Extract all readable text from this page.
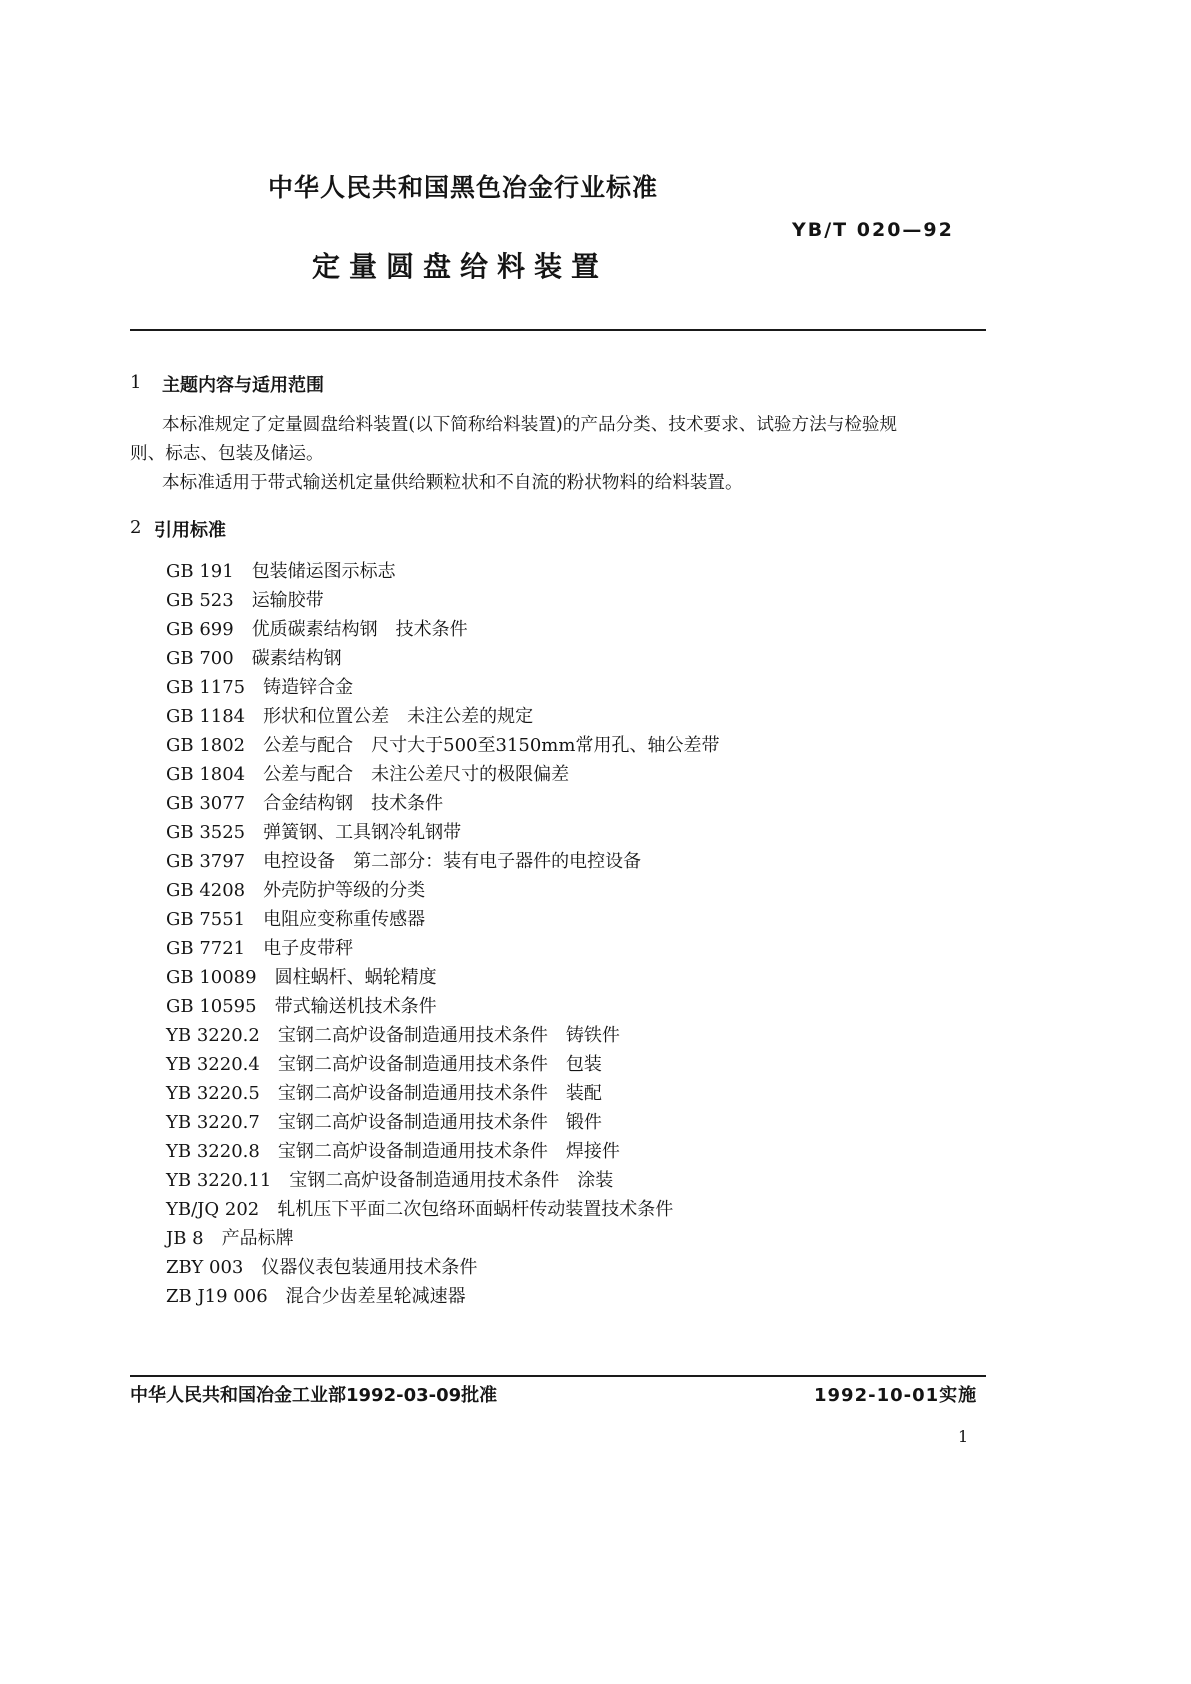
中华人民共和国黑色冶金行业标准
YB/T 020—92
定量圆盘给料装置
1 主题内容与适用范围
本标准规定了定量圆盘给料装置(以下简称给料装置)的产品分类、技术要求、试验方法与检验规
则、标志、包装及储运。
本标准适用于带式输送机定量供给颗粒状和不自流的粉状物料的给料装置。
2 引用标准
GB 191 包装储运图示标志
GB 523 运输胶带
GB 699 优质碳素结构钢　技术条件
GB 700 碳素结构钢
GB 1175 铸造锌合金
GB 1184 形状和位置公差　未注公差的规定
GB 1802 公差与配合　尺寸大于500至3150mm常用孔、轴公差带
GB 1804 公差与配合　未注公差尺寸的极限偏差
GB 3077 合金结构钢　技术条件
GB 3525 弹簧钢、工具钢冷轧钢带
GB 3797 电控设备　第二部分：装有电子器件的电控设备
GB 4208 外壳防护等级的分类
GB 7551 电阻应变称重传感器
GB 7721 电子皮带秤
GB 10089 圆柱蜗杆、蜗轮精度
GB 10595 带式输送机技术条件
YB 3220.2 宝钢二高炉设备制造通用技术条件　铸铁件
YB 3220.4 宝钢二高炉设备制造通用技术条件　包装
YB 3220.5 宝钢二高炉设备制造通用技术条件　装配
YB 3220.7 宝钢二高炉设备制造通用技术条件　锻件
YB 3220.8 宝钢二高炉设备制造通用技术条件　焊接件
YB 3220.11 宝钢二高炉设备制造通用技术条件　涂装
YB/JQ 202 轧机压下平面二次包络环面蜗杆传动装置技术条件
JB 8 产品标牌
ZBY 003 仪器仪表包装通用技术条件
ZB J19 006 混合少齿差星轮减速器
中华人民共和国冶金工业部1992-03-09批准	1992-10-01实施
1
